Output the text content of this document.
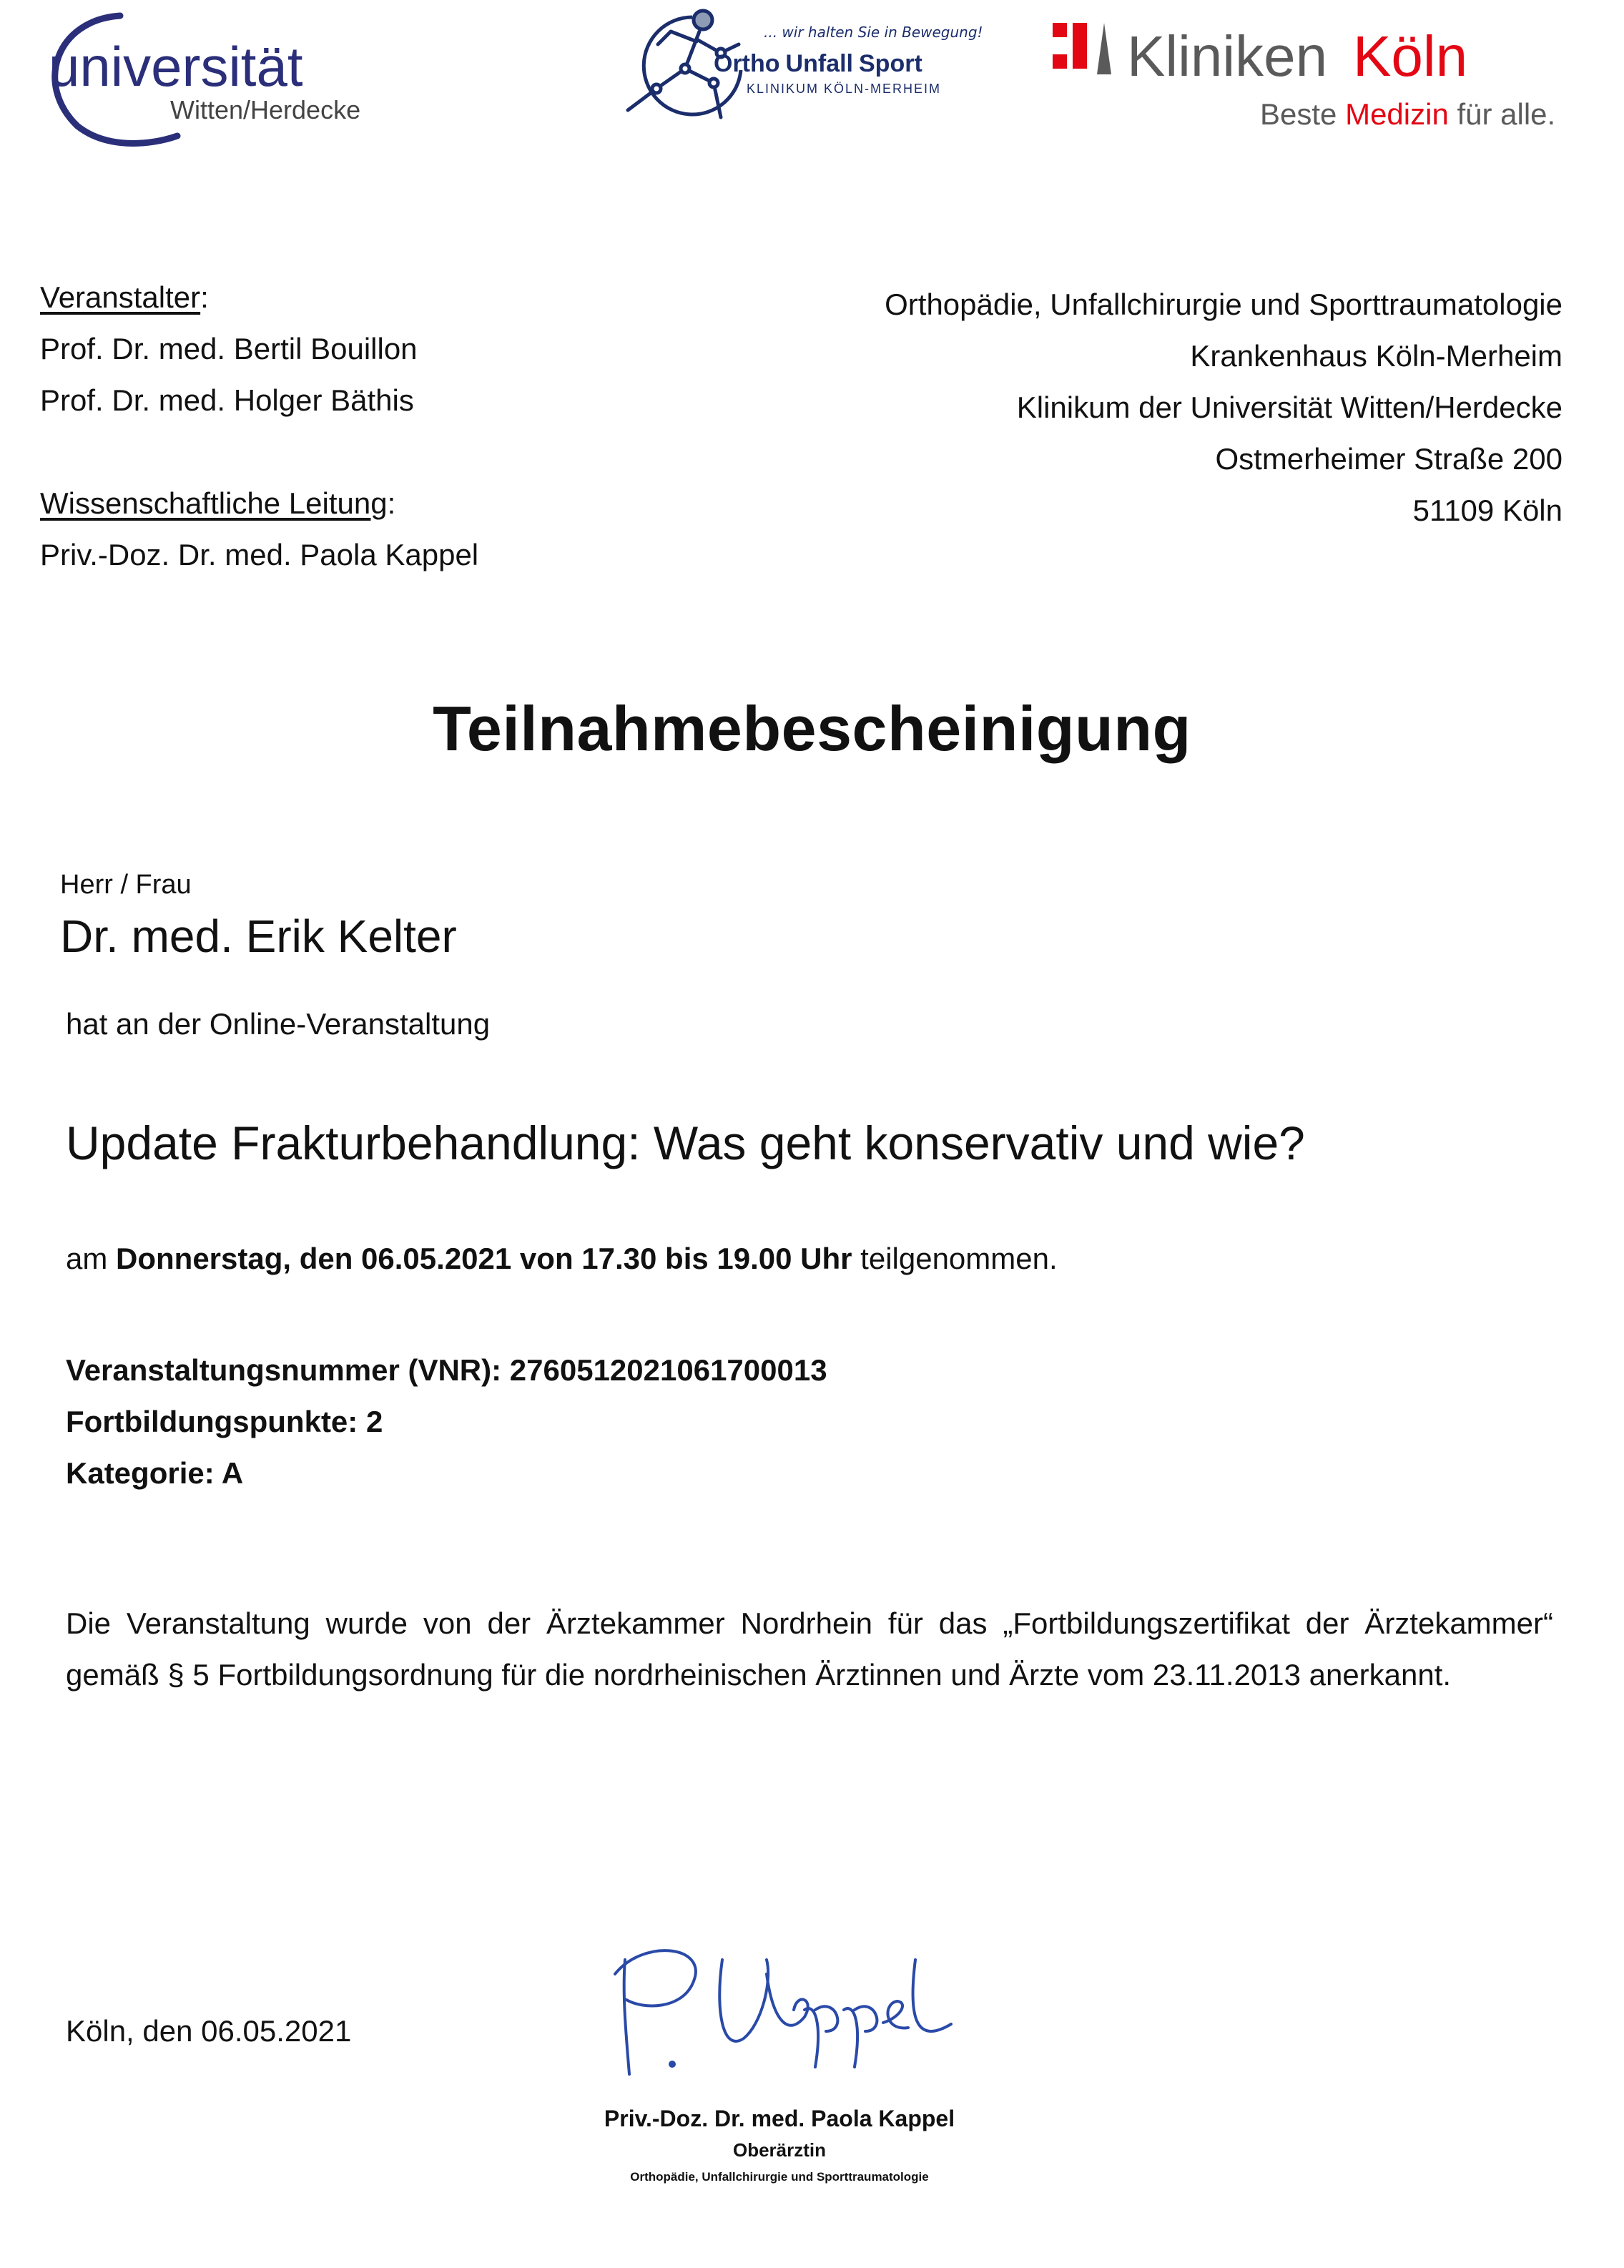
universität
Witten/Herdecke
... wir halten Sie in Bewegung!
Ortho Unfall Sport
KLINIKUM KÖLN-MERHEIM
Kliniken Köln
Beste Medizin für alle.
Veranstalter:
Prof. Dr. med. Bertil Bouillon
Prof. Dr. med. Holger Bäthis
Wissenschaftliche Leitung:
Priv.-Doz. Dr. med. Paola Kappel
Orthopädie, Unfallchirurgie und Sporttraumatologie
Krankenhaus Köln-Merheim
Klinikum der Universität Witten/Herdecke
Ostmerheimer Straße 200
51109 Köln
Teilnahmebescheinigung
Herr / Frau
Dr. med. Erik Kelter
hat an der Online-Veranstaltung
Update Frakturbehandlung: Was geht konservativ und wie?
am Donnerstag, den 06.05.2021 von 17.30 bis 19.00 Uhr teilgenommen.
Veranstaltungsnummer (VNR): 2760512021061700013
Fortbildungspunkte: 2
Kategorie: A
Die Veranstaltung wurde von der Ärztekammer Nordrhein für das „Fortbildungszertifikat der Ärztekammer“ gemäß § 5 Fortbildungsordnung für die nordrheinischen Ärztinnen und Ärzte vom 23.11.2013 anerkannt.
Köln, den 06.05.2021
Priv.-Doz. Dr. med. Paola Kappel
Oberärztin
Orthopädie, Unfallchirurgie und Sporttraumatologie
